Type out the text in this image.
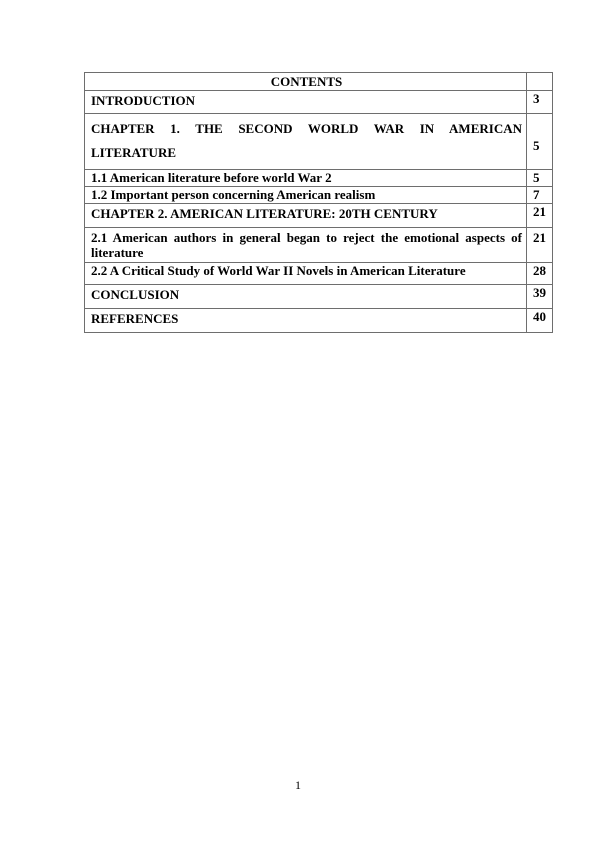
CONTENTS	
INTRODUCTION	3
CHAPTER 1. THE SECOND WORLD WAR IN AMERICAN
LITERATURE	5
1.1 American literature before world War 2	5
1.2 Important person concerning American realism	7
CHAPTER 2. AMERICAN LITERATURE: 20TH CENTURY	21
2.1 American authors in general began to reject the emotional aspects of literature	21
2.2 A Critical Study of World War II Novels in American Literature	28
CONCLUSION	39
REFERENCES	40
1
